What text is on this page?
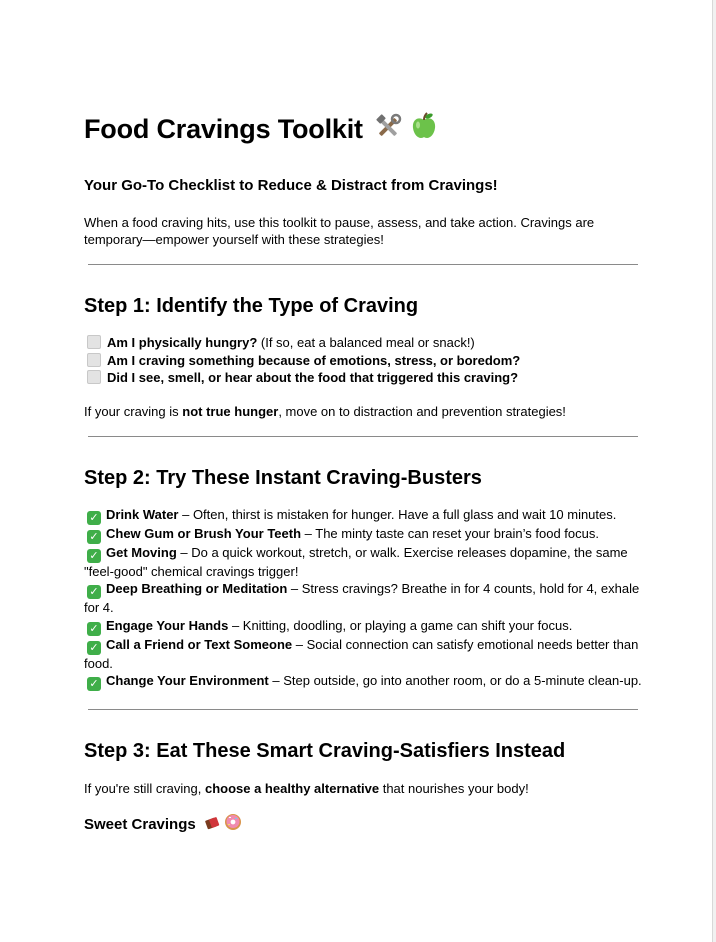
Food Cravings Toolkit
Your Go-To Checklist to Reduce & Distract from Cravings!

When a food craving hits, use this toolkit to pause, assess, and take action. Cravings are temporary—empower yourself with these strategies!

Step 1: Identify the Type of Craving
Am I physically hungry? (If so, eat a balanced meal or snack!)
Am I craving something because of emotions, stress, or boredom?
Did I see, smell, or hear about the food that triggered this craving?

If your craving is not true hunger, move on to distraction and prevention strategies!

Step 2: Try These Instant Craving-Busters
✓ Drink Water – Often, thirst is mistaken for hunger. Have a full glass and wait 10 minutes.
✓ Chew Gum or Brush Your Teeth – The minty taste can reset your brain’s food focus.
✓ Get Moving – Do a quick workout, stretch, or walk. Exercise releases dopamine, the same "feel-good" chemical cravings trigger!
✓ Deep Breathing or Meditation – Stress cravings? Breathe in for 4 counts, hold for 4, exhale for 4.
✓ Engage Your Hands – Knitting, doodling, or playing a game can shift your focus.
✓ Call a Friend or Text Someone – Social connection can satisfy emotional needs better than food.
✓ Change Your Environment – Step outside, go into another room, or do a 5-minute clean-up.
Step 3: Eat These Smart Craving-Satisfiers Instead

If you're still craving, choose a healthy alternative that nourishes your body!

Sweet Cravings
